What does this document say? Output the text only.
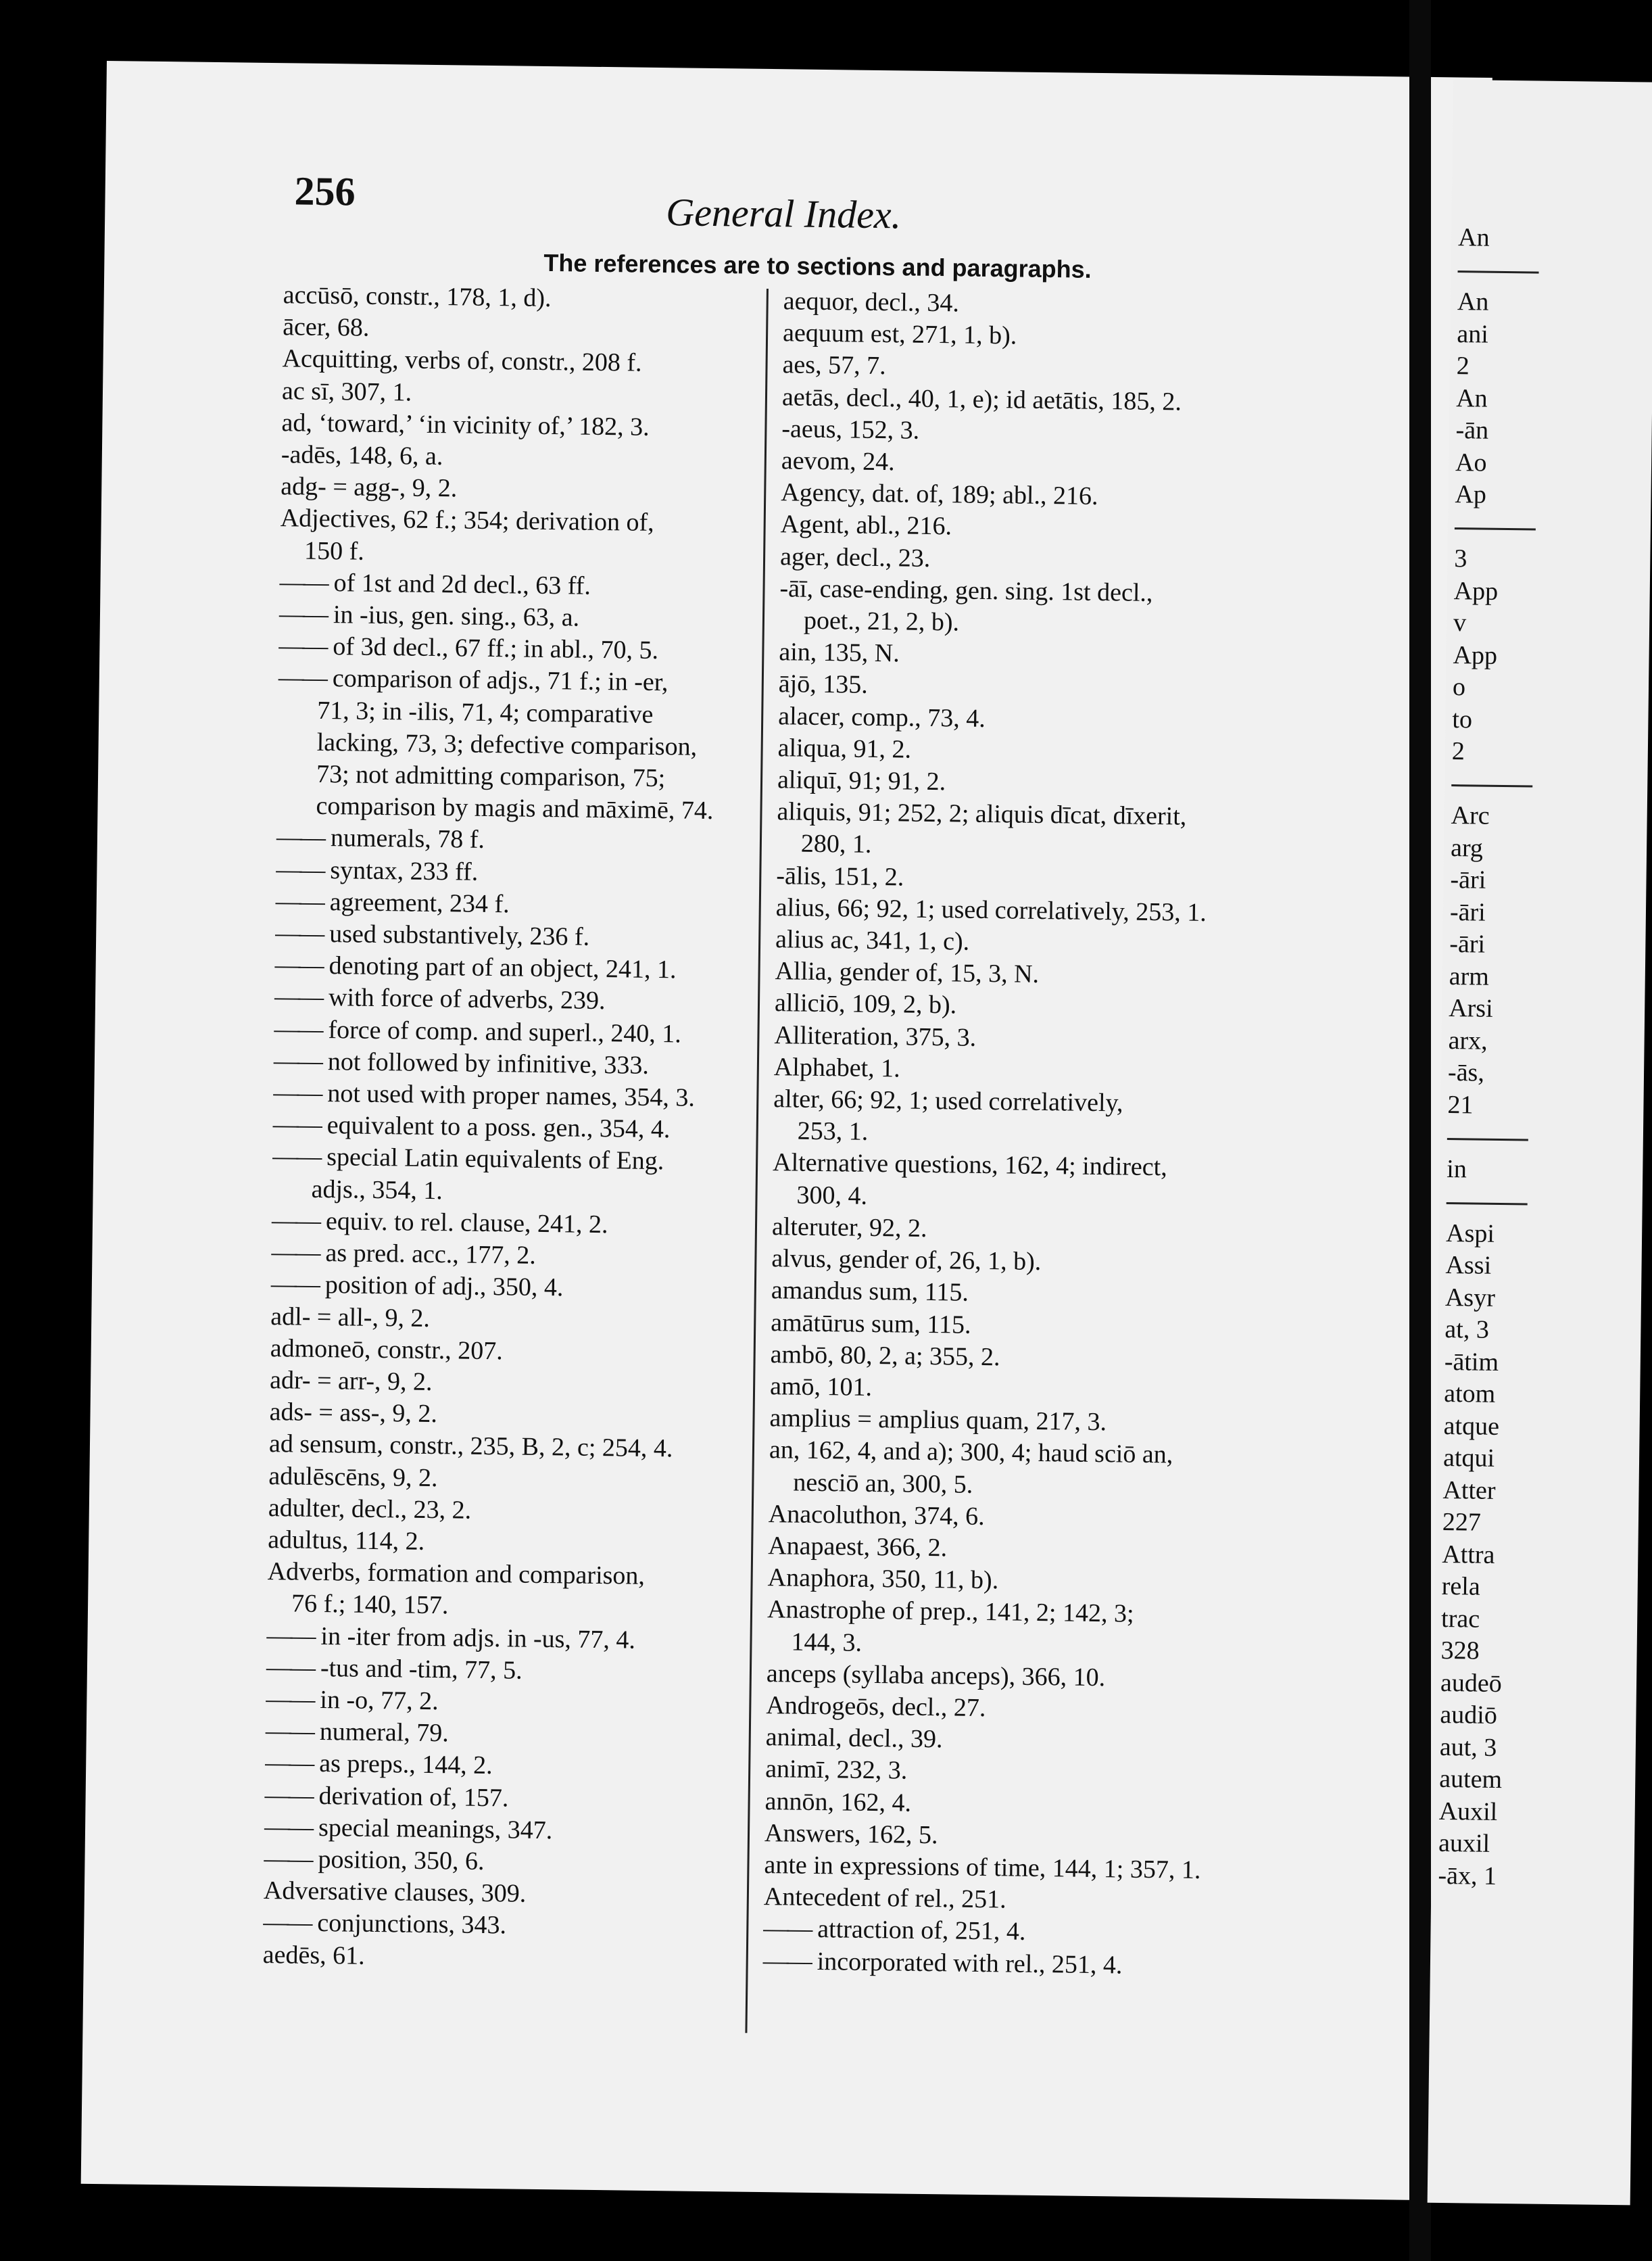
256	General Index.
The references are to sections and paragraphs.
accūsō, constr., 178, 1, d).
ācer, 68.
Acquitting, verbs of, constr., 208 f.
ac sī, 307, 1.
ad, ‘toward,’ ‘in vicinity of,’ 182, 3.
-adēs, 148, 6, a.
adg- = agg-, 9, 2.
Adjectives, 62 f.; 354; derivation of,
150 f.
—— of 1st and 2d decl., 63 ff.
—— in -ius, gen. sing., 63, a.
—— of 3d decl., 67 ff.; in abl., 70, 5.
—— comparison of adjs., 71 f.; in -er,
71, 3; in -ilis, 71, 4; comparative
lacking, 73, 3; defective comparison,
73; not admitting comparison, 75;
comparison by magis and māximē, 74.
—— numerals, 78 f.
—— syntax, 233 ff.
—— agreement, 234 f.
—— used substantively, 236 f.
—— denoting part of an object, 241, 1.
—— with force of adverbs, 239.
—— force of comp. and superl., 240, 1.
—— not followed by infinitive, 333.
—— not used with proper names, 354, 3.
—— equivalent to a poss. gen., 354, 4.
—— special Latin equivalents of Eng.
adjs., 354, 1.
—— equiv. to rel. clause, 241, 2.
—— as pred. acc., 177, 2.
—— position of adj., 350, 4.
adl- = all-, 9, 2.
admoneō, constr., 207.
adr- = arr-, 9, 2.
ads- = ass-, 9, 2.
ad sensum, constr., 235, B, 2, c; 254, 4.
adulēscēns, 9, 2.
adulter, decl., 23, 2.
adultus, 114, 2.
Adverbs, formation and comparison,
76 f.; 140, 157.
—— in -iter from adjs. in -us, 77, 4.
—— -tus and -tim, 77, 5.
—— in -o, 77, 2.
—— numeral, 79.
—— as preps., 144, 2.
—— derivation of, 157.
—— special meanings, 347.
—— position, 350, 6.
Adversative clauses, 309.
—— conjunctions, 343.
aedēs, 61.
aequor, decl., 34.
aequum est, 271, 1, b).
aes, 57, 7.
aetās, decl., 40, 1, e); id aetātis, 185, 2.
-aeus, 152, 3.
aevom, 24.
Agency, dat. of, 189; abl., 216.
Agent, abl., 216.
ager, decl., 23.
-āī, case-ending, gen. sing. 1st decl.,
poet., 21, 2, b).
ain, 135, N.
ājō, 135.
alacer, comp., 73, 4.
aliqua, 91, 2.
aliquī, 91; 91, 2.
aliquis, 91; 252, 2; aliquis dīcat, dīxerit,
280, 1.
-ālis, 151, 2.
alius, 66; 92, 1; used correlatively, 253, 1.
alius ac, 341, 1, c).
Allia, gender of, 15, 3, N.
alliciō, 109, 2, b).
Alliteration, 375, 3.
Alphabet, 1.
alter, 66; 92, 1; used correlatively,
253, 1.
Alternative questions, 162, 4; indirect,
300, 4.
alteruter, 92, 2.
alvus, gender of, 26, 1, b).
amandus sum, 115.
amātūrus sum, 115.
ambō, 80, 2, a; 355, 2.
amō, 101.
amplius = amplius quam, 217, 3.
an, 162, 4, and a); 300, 4; haud sciō an,
nesciō an, 300, 5.
Anacoluthon, 374, 6.
Anapaest, 366, 2.
Anaphora, 350, 11, b).
Anastrophe of prep., 141, 2; 142, 3;
144, 3.
anceps (syllaba anceps), 366, 10.
Androgeōs, decl., 27.
animal, decl., 39.
animī, 232, 3.
annōn, 162, 4.
Answers, 162, 5.
ante in expressions of time, 144, 1; 357, 1.
Antecedent of rel., 251.
—— attraction of, 251, 4.
—— incorporated with rel., 251, 4.
An
An
ani
2
An
-ān
Ao
Ap
3
App
v
App
o
to
2
Arc
arg
-āri
-āri
-āri
arm
Arsi
arx,
-ās,
21
in
Aspi
Assi
Asyr
at, 3
-ātim
atom
atque
atqui
Atter
227
Attra
rela
trac
328
audeō
audiō
aut, 3
autem
Auxil
auxil
-āx, 1
